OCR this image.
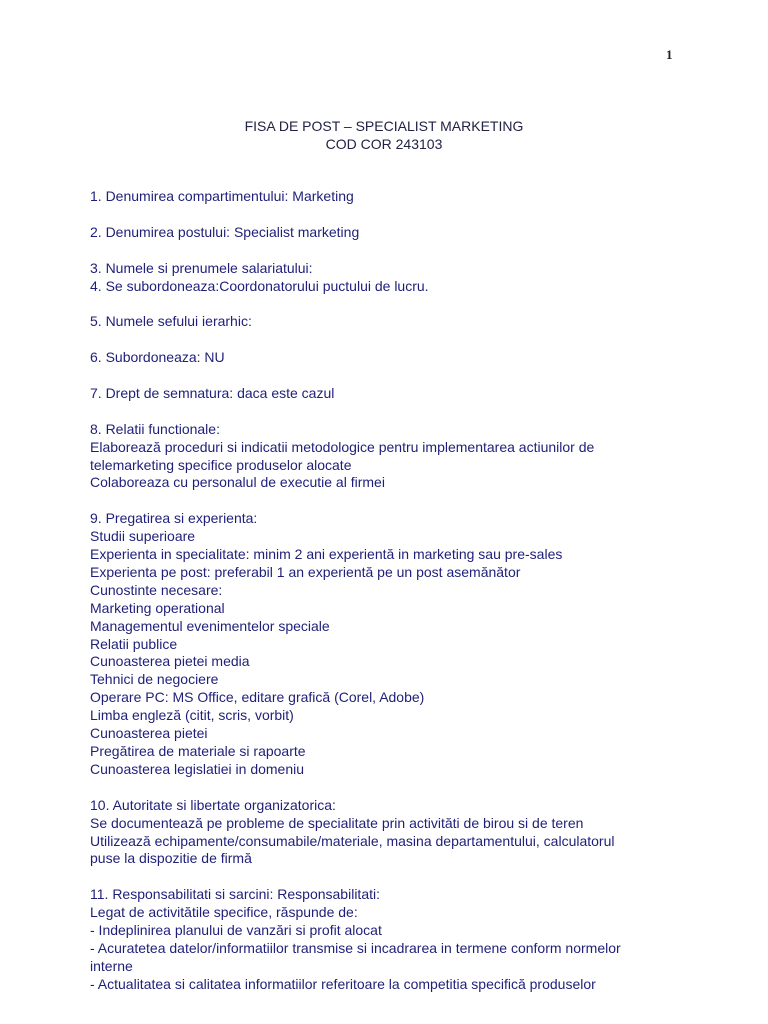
1
FISA DE POST – SPECIALIST MARKETING
COD COR 243103
1. Denumirea compartimentului: Marketing
2. Denumirea postului: Specialist marketing
3. Numele si prenumele salariatului:
4. Se subordoneaza:Coordonatorului puctului de lucru.
5. Numele sefului ierarhic:
6. Subordoneaza: NU
7. Drept de semnatura: daca este cazul
8. Relatii functionale:
Elaborează proceduri si indicatii metodologice pentru implementarea actiunilor de
telemarketing specifice produselor alocate
Colaboreaza cu personalul de executie al firmei
9. Pregatirea si experienta:
Studii superioare
Experienta in specialitate: minim 2 ani experientă in marketing sau pre-sales
Experienta pe post: preferabil 1 an experientă pe un post asemănător
Cunostinte necesare:
Marketing operational
Managementul evenimentelor speciale
Relatii publice
Cunoasterea pietei media
Tehnici de negociere
Operare PC: MS Office, editare grafică (Corel, Adobe)
Limba engleză (citit, scris, vorbit)
Cunoasterea pietei
Pregătirea de materiale si rapoarte
Cunoasterea legislatiei in domeniu
10. Autoritate si libertate organizatorica:
Se documentează pe probleme de specialitate prin activităti de birou si de teren
Utilizează echipamente/consumabile/materiale, masina departamentului, calculatorul
puse la dispozitie de firmă
11. Responsabilitati si sarcini: Responsabilitati:
Legat de activitătile specifice, răspunde de:
- Indeplinirea planului de vanzări si profit alocat
- Acuratetea datelor/informatiilor transmise si incadrarea in termene conform normelor
interne
- Actualitatea si calitatea informatiilor referitoare la competitia specifică produselor
